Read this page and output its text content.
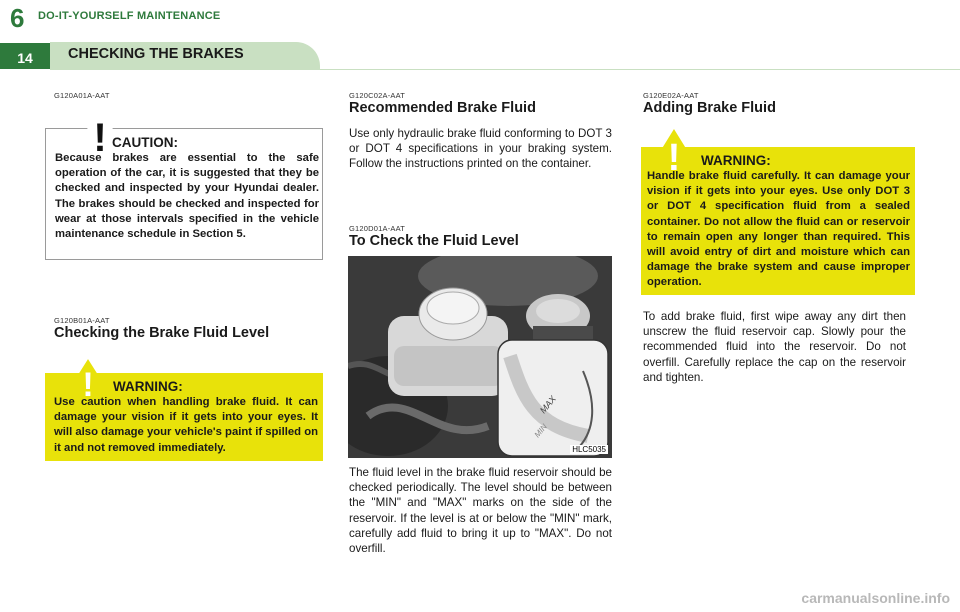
6 DO-IT-YOURSELF MAINTENANCE
14	CHECKING THE BRAKES
G120A01A-AAT
! CAUTION:
Because brakes are essential to the safe operation of the car, it is suggested that they be checked and inspected by your Hyundai dealer. The brakes should be checked and inspected for wear at those intervals specified in the vehicle maintenance schedule in Section 5.
G120B01A-AAT
Checking the Brake Fluid Level
! WARNING:
Use caution when handling brake fluid. It can damage your vision if it gets into your eyes. It will also damage your vehicle's paint if spilled on it and not removed immediately.
G120C02A-AAT
Recommended Brake Fluid
Use only hydraulic brake fluid conforming to DOT 3 or DOT 4 specifications in your braking system. Follow the instructions printed on the container.
G120D01A-AAT
To Check the Fluid Level
MAX
MIN
HLC5035
The fluid level in the brake fluid reservoir should be checked periodically. The level should be between the "MIN" and "MAX" marks on the side of the reservoir. If the level is at or below the "MIN" mark, carefully add fluid to bring it up to "MAX". Do not overfill.
G120E02A-AAT
Adding Brake Fluid
! WARNING:
Handle brake fluid carefully. It can damage your vision if it gets into your eyes. Use only DOT 3 or DOT 4 specification fluid from a sealed container. Do not allow the fluid can or reservoir to remain open any longer than required. This will avoid entry of dirt and moisture which can damage the brake system and cause improper operation.
To add brake fluid, first wipe away any dirt then unscrew the fluid reservoir cap. Slowly pour the recommended fluid into the reservoir. Do not overfill. Carefully replace the cap on the reservoir and tighten.
carmanualsonline.info
